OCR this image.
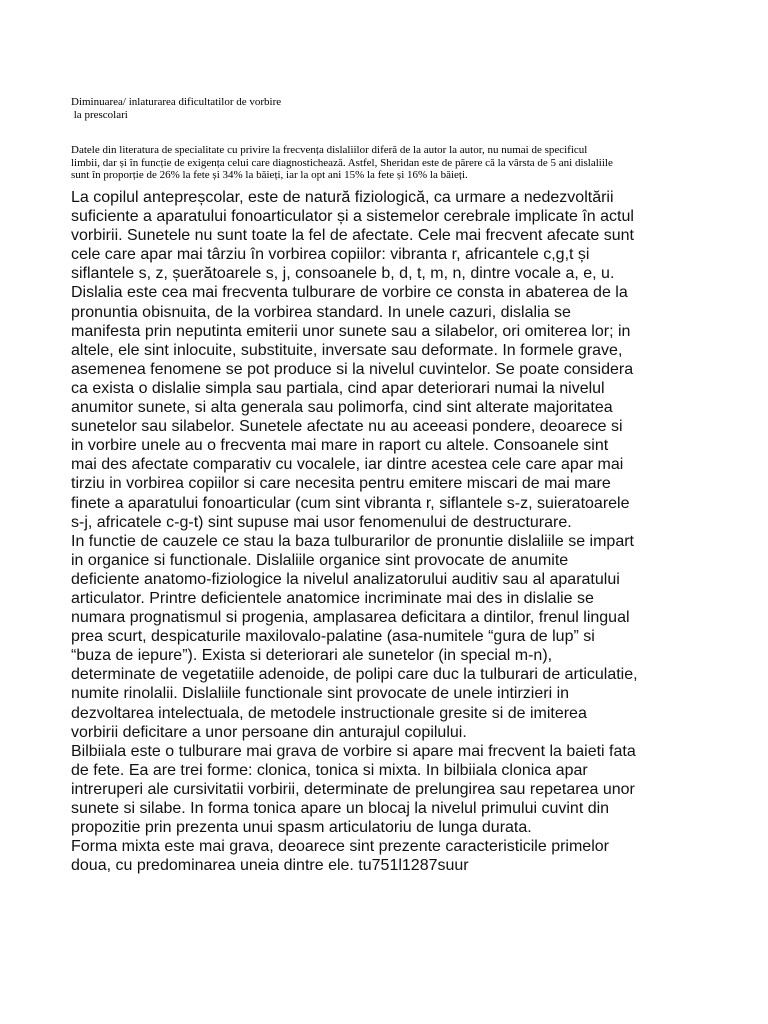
Diminuarea/ inlaturarea dificultatilor de vorbire
la prescolari
Datele din literatura de specialitate cu privire la frecvența dislaliilor diferă de la autor la autor, nu numai de specificul
limbii, dar și în funcție de exigența celui care diagnostichează. Astfel, Sheridan este de părere că la vârsta de 5 ani dislaliile
sunt în proporție de 26% la fete și 34% la băieți, iar la opt ani 15% la fete și 16% la băieți.
La copilul antepreșcolar, este de natură fiziologică, ca urmare a nedezvoltării
suficiente a aparatului fonoarticulator și a sistemelor cerebrale implicate în actul
vorbirii. Sunetele nu sunt toate la fel de afectate. Cele mai frecvent afecate sunt
cele care apar mai târziu în vorbirea copiilor: vibranta r, africantele c,g,t și
siflantele s, z, șuerătoarele s, j, consoanele b, d, t, m, n, dintre vocale a, e, u.
Dislalia este cea mai frecventa tulburare de vorbire ce consta in abaterea de la
pronuntia obisnuita, de la vorbirea standard. In unele cazuri, dislalia se
manifesta prin neputinta emiterii unor sunete sau a silabelor, ori omiterea lor; in
altele, ele sint inlocuite, substituite, inversate sau deformate. In formele grave,
asemenea fenomene se pot produce si la nivelul cuvintelor. Se poate considera
ca exista o dislalie simpla sau partiala, cind apar deteriorari numai la nivelul
anumitor sunete, si alta generala sau polimorfa, cind sint alterate majoritatea
sunetelor sau silabelor. Sunetele afectate nu au aceeasi pondere, deoarece si
in vorbire unele au o frecventa mai mare in raport cu altele. Consoanele sint
mai des afectate comparativ cu vocalele, iar dintre acestea cele care apar mai
tirziu in vorbirea copiilor si care necesita pentru emitere miscari de mai mare
finete a aparatului fonoarticular (cum sint vibranta r, siflantele s-z, suieratoarele
s-j, africatele c-g-t) sint supuse mai usor fenomenului de destructurare.
In functie de cauzele ce stau la baza tulburarilor de pronuntie dislaliile se impart
in organice si functionale. Dislaliile organice sint provocate de anumite
deficiente anatomo-fiziologice la nivelul analizatorului auditiv sau al aparatului
articulator. Printre deficientele anatomice incriminate mai des in dislalie se
numara prognatismul si progenia, amplasarea deficitara a dintilor, frenul lingual
prea scurt, despicaturile maxilovalo-palatine (asa-numitele “gura de lup” si
“buza de iepure”). Exista si deteriorari ale sunetelor (in special m-n),
determinate de vegetatiile adenoide, de polipi care duc la tulburari de articulatie,
numite rinolalii. Dislaliile functionale sint provocate de unele intirzieri in
dezvoltarea intelectuala, de metodele instructionale gresite si de imiterea
vorbirii deficitare a unor persoane din anturajul copilului.
Bilbiiala este o tulburare mai grava de vorbire si apare mai frecvent la baieti fata
de fete. Ea are trei forme: clonica, tonica si mixta. In bilbiiala clonica apar
intreruperi ale cursivitatii vorbirii, determinate de prelungirea sau repetarea unor
sunete si silabe. In forma tonica apare un blocaj la nivelul primului cuvint din
propozitie prin prezenta unui spasm articulatoriu de lunga durata.
Forma mixta este mai grava, deoarece sint prezente caracteristicile primelor
doua, cu predominarea uneia dintre ele. tu751l1287suur
